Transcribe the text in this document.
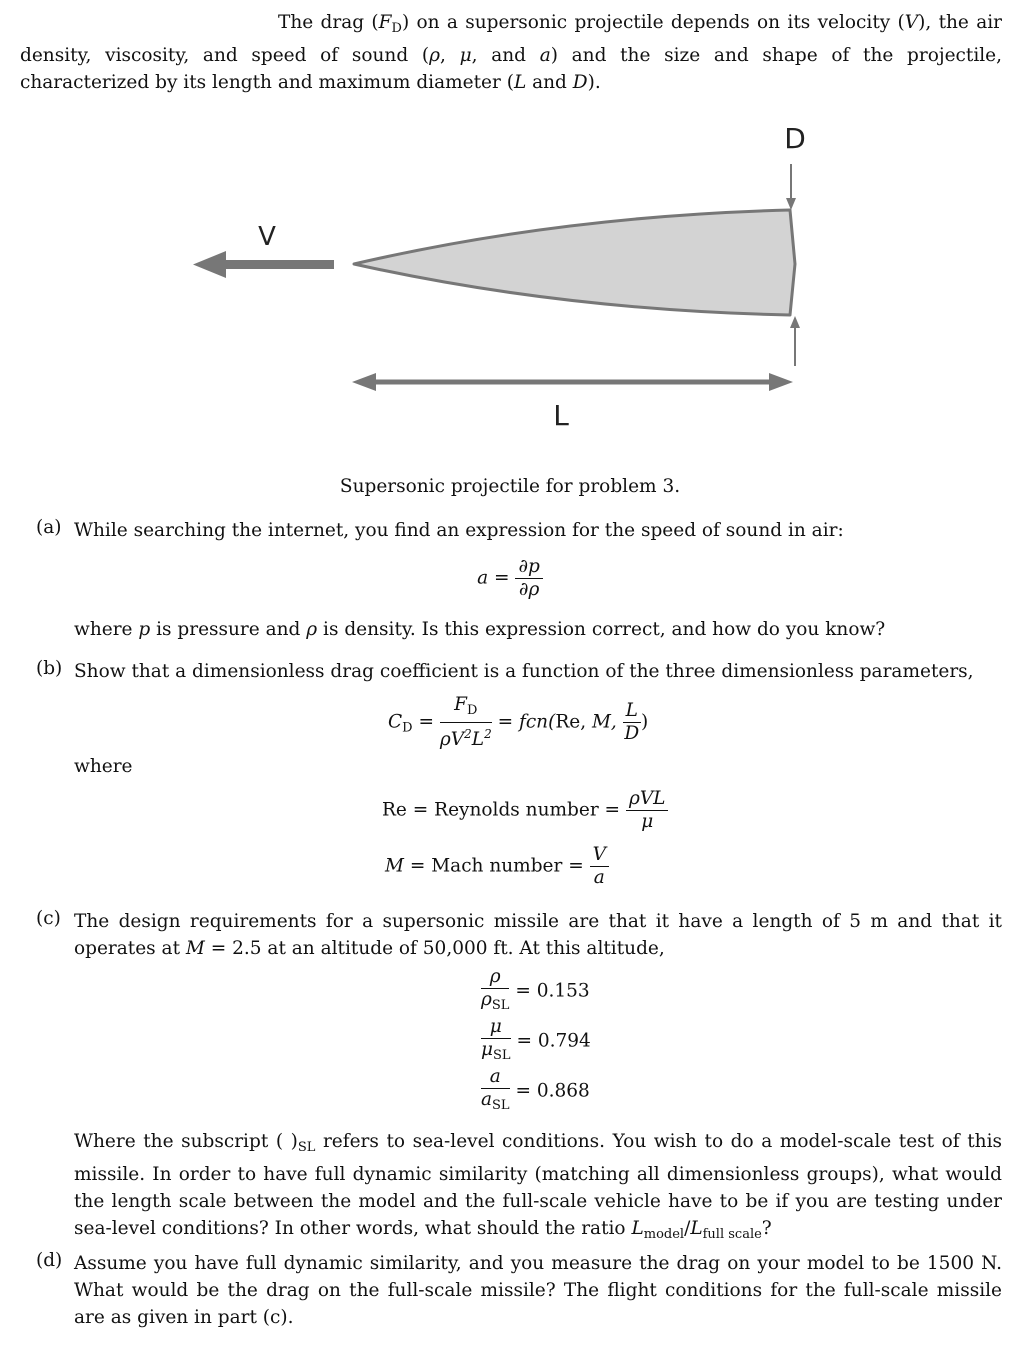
The drag $(F_D)$ on a supersonic projectile depends on its velocity (V), the air density, viscosity, and speed of sound (ρ, μ, and a) and the size and shape of the projectile, characterized by its length and maximum diameter (L and D).
V
D
L
Supersonic projectile for problem 3.
(a) While searching the internet, you find an expression for the speed of sound in air:
$a = \frac{\partial p}{\partial\rho}$
where p is pressure and ρ is density. Is this expression correct, and how do you know?
(b) Show that a dimensionless drag coefficient is a function of the three dimensionless parameters,
$C_D = \frac{F_D}{\rho V^2L^2} = fcn(Re$, M, $\frac{L}{D}$ )
where
Re = Reynolds number = $\frac{\text{ρVL}}{\mu}$
M = Mach number = $\frac{V}{a}$
(c) The design requirements for a supersonic missile are that it have a length of 5 m and that it operates at M = 2.5 at an altitude of 50,000 ft. At this altitude,
$\frac{\rho}{\rho_{SL}} = 0.153$
$\frac{\mu}{\mu_{SL}} = 0.794$
$\frac{a}{a_{SL}} = 0.868$
Where the subscript ( )$_{SL}$ refers to sea-level conditions. You wish to do a model-scale test of this missile. In order to have full dynamic similarity (matching all dimensionless groups), what would the length scale between the model and the full-scale vehicle have to be if you are testing under sea-level conditions? In other words, what should the ratio $L_{model}/L_{full scale}$?
(d) Assume you have full dynamic similarity, and you measure the drag on your model to be 1500 N. What would be the drag on the full-scale missile? The flight conditions for the full-scale missile are as given in part (c).
